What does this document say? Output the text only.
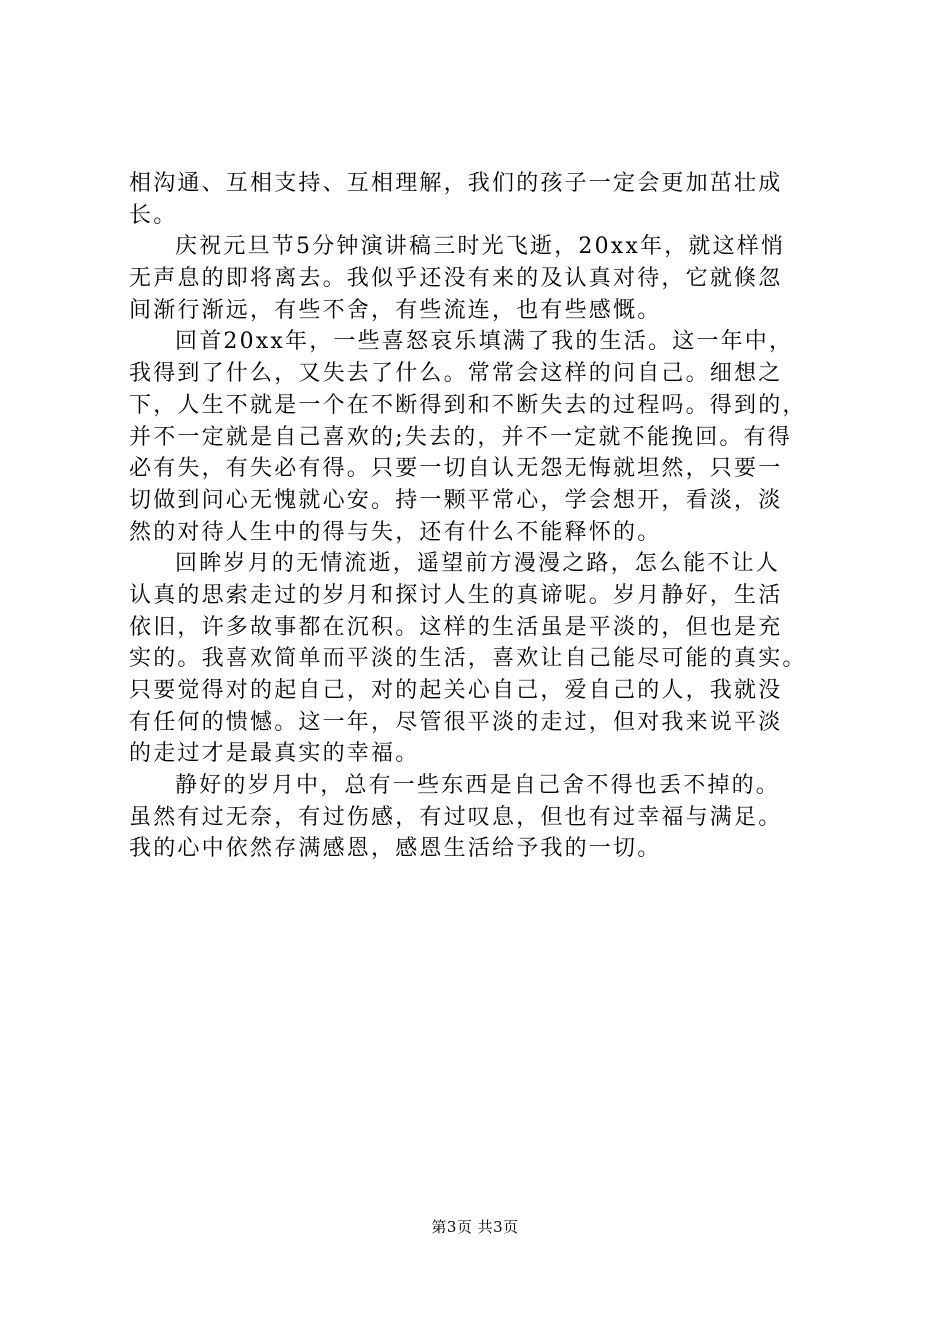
相沟通、互相支持、互相理解，我们的孩子一定会更加茁壮成
长。
庆祝元旦节5分钟演讲稿三时光飞逝，20xx年，就这样悄
无声息的即将离去。我似乎还没有来的及认真对待，它就倏忽
间渐行渐远，有些不舍，有些流连，也有些感慨。
回首20xx年，一些喜怒哀乐填满了我的生活。这一年中，
我得到了什么，又失去了什么。常常会这样的问自己。细想之
下，人生不就是一个在不断得到和不断失去的过程吗。得到的，
并不一定就是自己喜欢的;失去的，并不一定就不能挽回。有得
必有失，有失必有得。只要一切自认无怨无悔就坦然，只要一
切做到问心无愧就心安。持一颗平常心，学会想开，看淡，淡
然的对待人生中的得与失，还有什么不能释怀的。
回眸岁月的无情流逝，遥望前方漫漫之路，怎么能不让人
认真的思索走过的岁月和探讨人生的真谛呢。岁月静好，生活
依旧，许多故事都在沉积。这样的生活虽是平淡的，但也是充
实的。我喜欢简单而平淡的生活，喜欢让自己能尽可能的真实。
只要觉得对的起自己，对的起关心自己，爱自己的人，我就没
有任何的愦憾。这一年，尽管很平淡的走过，但对我来说平淡
的走过才是最真实的幸福。
静好的岁月中，总有一些东西是自己舍不得也丢不掉的。
虽然有过无奈，有过伤感，有过叹息，但也有过幸福与满足。
我的心中依然存满感恩，感恩生活给予我的一切。
第3页 共3页
